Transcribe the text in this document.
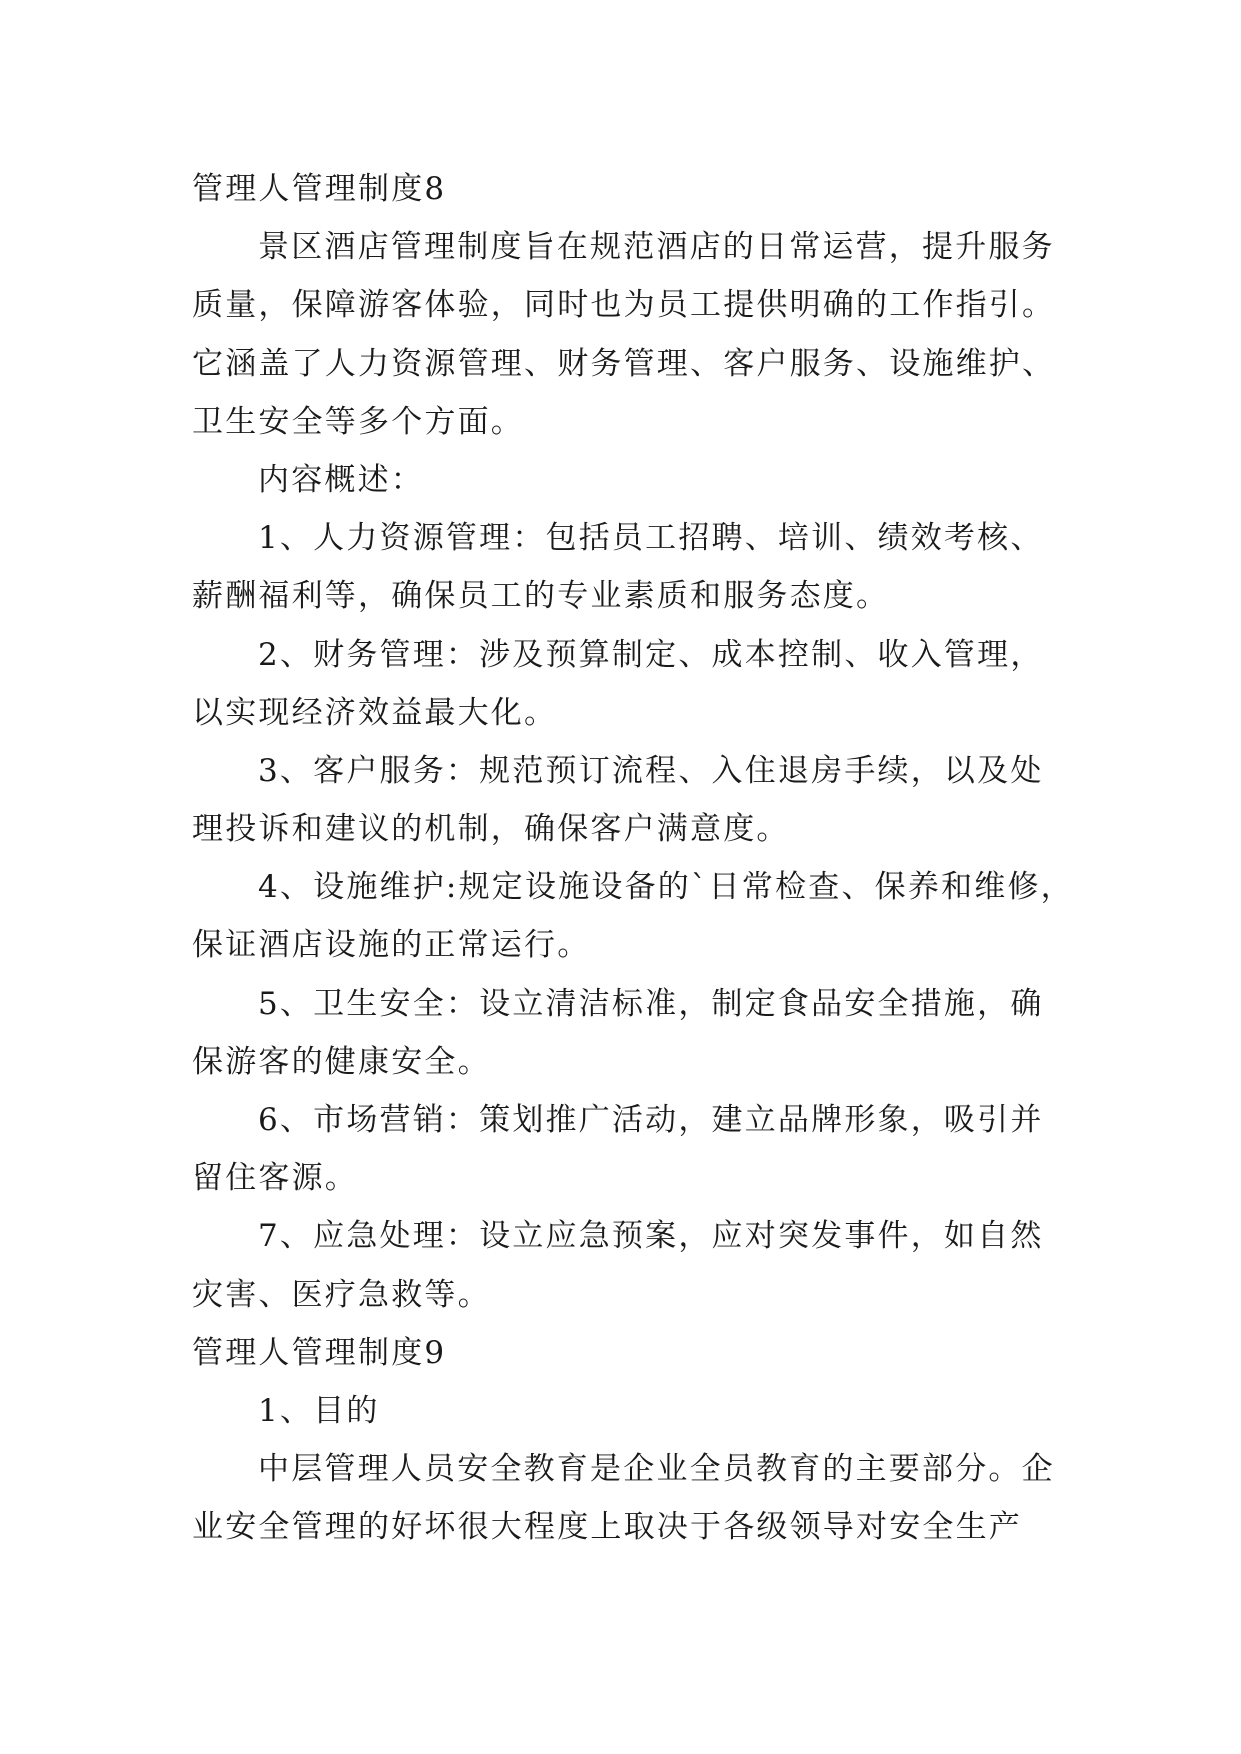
管理人管理制度8
景区酒店管理制度旨在规范酒店的日常运营，提升服务
质量，保障游客体验，同时也为员工提供明确的工作指引。
它涵盖了人力资源管理、财务管理、客户服务、设施维护、
卫生安全等多个方面。
内容概述：
1、人力资源管理：包括员工招聘、培训、绩效考核、
薪酬福利等，确保员工的专业素质和服务态度。
2、财务管理：涉及预算制定、成本控制、收入管理，
以实现经济效益最大化。
3、客户服务：规范预订流程、入住退房手续，以及处
理投诉和建议的机制，确保客户满意度。
4、设施维护:规定设施设备的`日常检查、保养和维修，
保证酒店设施的正常运行。
5、卫生安全：设立清洁标准，制定食品安全措施，确
保游客的健康安全。
6、市场营销：策划推广活动，建立品牌形象，吸引并
留住客源。
7、应急处理：设立应急预案，应对突发事件，如自然
灾害、医疗急救等。
管理人管理制度9
1、目的
中层管理人员安全教育是企业全员教育的主要部分。企
业安全管理的好坏很大程度上取决于各级领导对安全生产
